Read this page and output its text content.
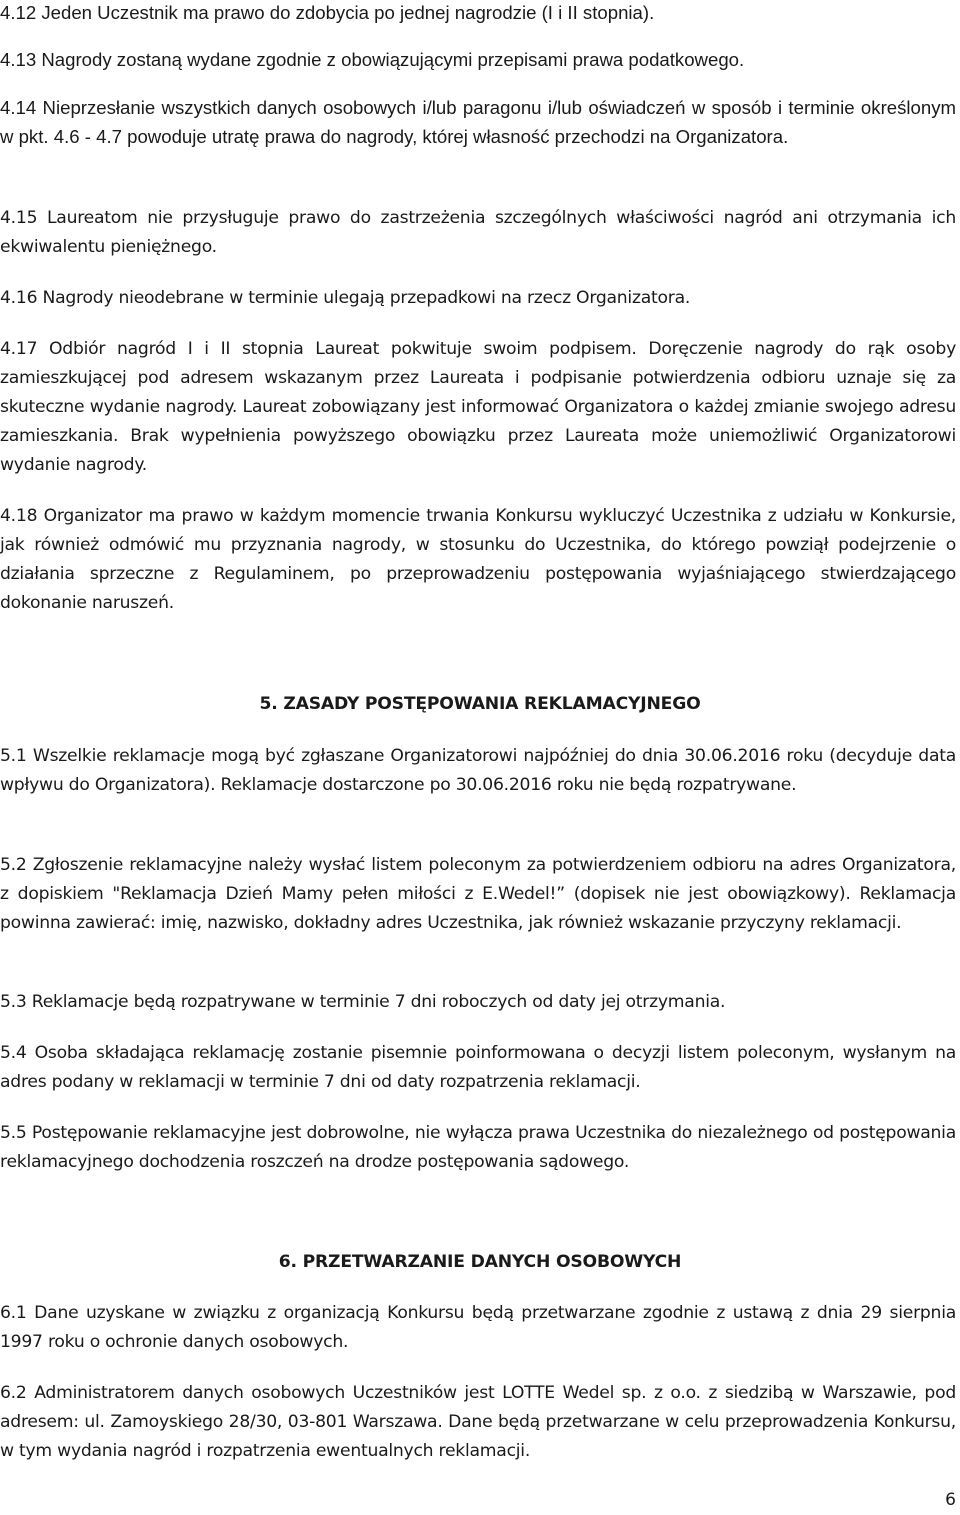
4.12 Jeden Uczestnik ma prawo do zdobycia po jednej nagrodzie (I i II stopnia).

4.13 Nagrody zostaną wydane zgodnie z obowiązującymi przepisami prawa podatkowego.

4.14 Nieprzesłanie wszystkich danych osobowych i/lub paragonu i/lub oświadczeń w sposób i terminie określonym w pkt. 4.6 - 4.7 powoduje utratę prawa do nagrody, której własność przechodzi na Organizatora.

4.15 Laureatom nie przysługuje prawo do zastrzeżenia szczególnych właściwości nagród ani otrzymania ich ekwiwalentu pieniężnego.

4.16 Nagrody nieodebrane w terminie ulegają przepadkowi na rzecz Organizatora.

4.17 Odbiór nagród I i II stopnia Laureat pokwituje swoim podpisem. Doręczenie nagrody do rąk osoby zamieszkującej pod adresem wskazanym przez Laureata i podpisanie potwierdzenia odbioru uznaje się za skuteczne wydanie nagrody. Laureat zobowiązany jest informować Organizatora o każdej zmianie swojego adresu zamieszkania. Brak wypełnienia powyższego obowiązku przez Laureata może uniemożliwić Organizatorowi wydanie nagrody.

4.18 Organizator ma prawo w każdym momencie trwania Konkursu wykluczyć Uczestnika z udziału w Konkursie, jak również odmówić mu przyznania nagrody, w stosunku do Uczestnika, do którego powziął podejrzenie o działania sprzeczne z Regulaminem, po przeprowadzeniu postępowania wyjaśniającego stwierdzającego dokonanie naruszeń.

5. ZASADY POSTĘPOWANIA REKLAMACYJNEGO

5.1 Wszelkie reklamacje mogą być zgłaszane Organizatorowi najpóźniej do dnia 30.06.2016 roku (decyduje data wpływu do Organizatora). Reklamacje dostarczone po 30.06.2016 roku nie będą rozpatrywane.

5.2 Zgłoszenie reklamacyjne należy wysłać listem poleconym za potwierdzeniem odbioru na adres Organizatora, z dopiskiem "Reklamacja Dzień Mamy pełen miłości z E.Wedel!” (dopisek nie jest obowiązkowy). Reklamacja powinna zawierać: imię, nazwisko, dokładny adres Uczestnika, jak również wskazanie przyczyny reklamacji.

5.3 Reklamacje będą rozpatrywane w terminie 7 dni roboczych od daty jej otrzymania.

5.4 Osoba składająca reklamację zostanie pisemnie poinformowana o decyzji listem poleconym, wysłanym na adres podany w reklamacji w terminie 7 dni od daty rozpatrzenia reklamacji.

5.5 Postępowanie reklamacyjne jest dobrowolne, nie wyłącza prawa Uczestnika do niezależnego od postępowania reklamacyjnego dochodzenia roszczeń na drodze postępowania sądowego.

6. PRZETWARZANIE DANYCH OSOBOWYCH

6.1 Dane uzyskane w związku z organizacją Konkursu będą przetwarzane zgodnie z ustawą z dnia 29 sierpnia 1997 roku o ochronie danych osobowych.

6.2 Administratorem danych osobowych Uczestników jest LOTTE Wedel sp. z o.o. z siedzibą w Warszawie, pod adresem: ul. Zamoyskiego 28/30, 03-801 Warszawa. Dane będą przetwarzane w celu przeprowadzenia Konkursu, w tym wydania nagród i rozpatrzenia ewentualnych reklamacji.

6
